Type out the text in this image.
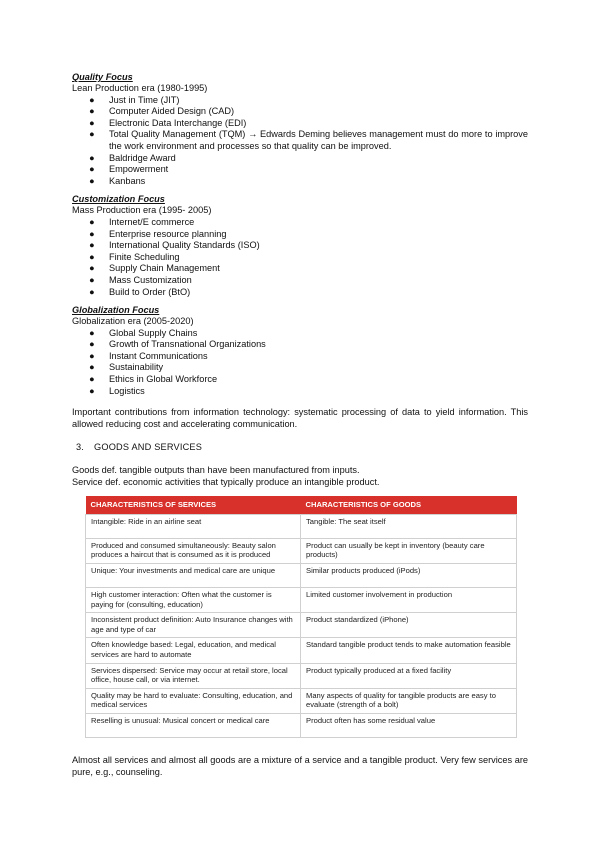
Quality Focus
Lean Production era (1980-1995)
● Just in Time (JIT)
● Computer Aided Design (CAD)
● Electronic Data Interchange (EDI)
● Total Quality Management (TQM) → Edwards Deming believes management must do more to improve the work environment and processes so that quality can be improved.
● Baldridge Award
● Empowerment
● Kanbans
Customization Focus
Mass Production era (1995- 2005)
● Internet/E commerce
● Enterprise resource planning
● International Quality Standards (ISO)
● Finite Scheduling
● Supply Chain Management
● Mass Customization
● Build to Order (BtO)
Globalization Focus
Globalization era (2005-2020)
● Global Supply Chains
● Growth of Transnational Organizations
● Instant Communications
● Sustainability
● Ethics in Global Workforce
● Logistics
Important contributions from information technology: systematic processing of data to yield information. This allowed reducing cost and accelerating communication.
3. GOODS AND SERVICES
Goods def. tangible outputs than have been manufactured from inputs.
Service def. economic activities that typically produce an intangible product.
CHARACTERISTICS OF SERVICES	CHARACTERISTICS OF GOODS
Intangible: Ride in an airline seat	Tangible: The seat itself
Produced and consumed simultaneously: Beauty salon produces a haircut that is consumed as it is produced	Product can usually be kept in inventory (beauty care products)
Unique: Your investments and medical care are unique	Similar products produced (iPods)
High customer interaction: Often what the customer is paying for (consulting, education)	Limited customer involvement in production
Inconsistent product definition: Auto Insurance changes with age and type of car	Product standardized (iPhone)
Often knowledge based: Legal, education, and medical services are hard to automate	Standard tangible product tends to make automation feasible
Services dispersed: Service may occur at retail store, local office, house call, or via internet.	Product typically produced at a fixed facility
Quality may be hard to evaluate: Consulting, education, and medical services	Many aspects of quality for tangible products are easy to evaluate (strength of a bolt)
Reselling is unusual: Musical concert or medical care	Product often has some residual value
Almost all services and almost all goods are a mixture of a service and a tangible product. Very few services are pure, e.g., counseling.
